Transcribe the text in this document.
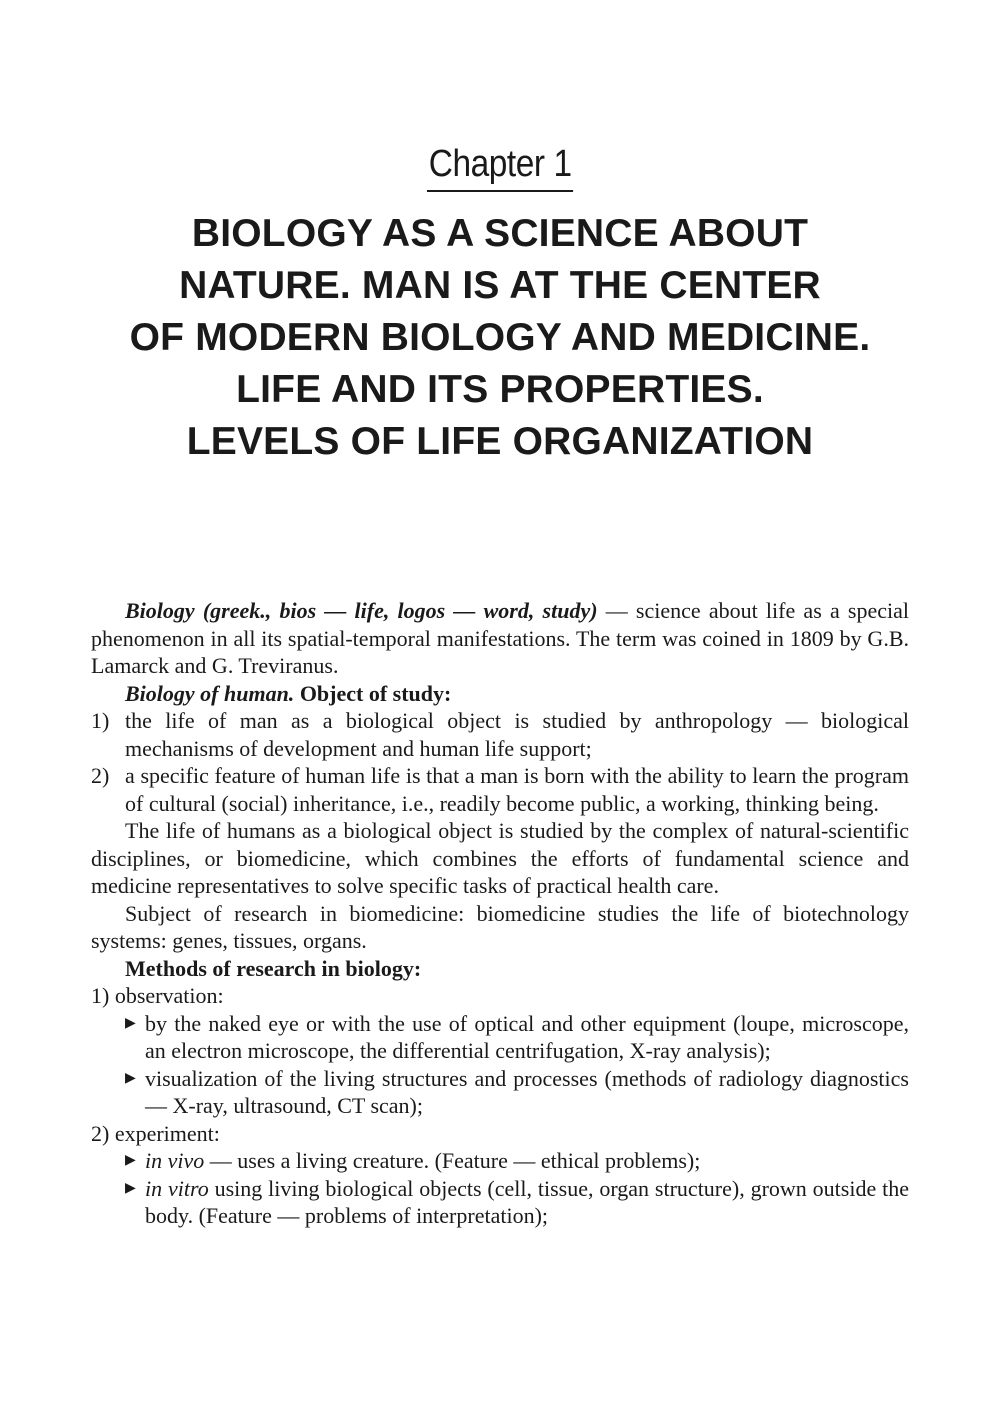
Chapter 1
BIOLOGY AS A SCIENCE ABOUT
NATURE. MAN IS AT THE CENTER
OF MODERN BIOLOGY AND MEDICINE.
LIFE AND ITS PROPERTIES.
LEVELS OF LIFE ORGANIZATION

Biology (greek., bios — life, logos — word, study) — science about life as a special phenomenon in all its spatial-temporal manifestations. The term was coined in 1809 by G.B. Lamarck and G. Treviranus.

Biology of human. Object of study:

1) the life of man as a biological object is studied by anthropology — biological mechanisms of development and human life support;
2) a specific feature of human life is that a man is born with the ability to learn the program of cultural (social) inheritance, i.e., readily become public, a working, thinking being.

The life of humans as a biological object is studied by the complex of natural-scientific disciplines, or biomedicine, which combines the efforts of fundamental science and medicine representatives to solve specific tasks of practical health care.

Subject of research in biomedicine: biomedicine studies the life of biotechnology systems: genes, tissues, organs.

Methods of research in biology:

1) observation:

▶ by the naked eye or with the use of optical and other equipment (loupe, microscope, an electron microscope, the differential centrifugation, X-ray analysis);
▶ visualization of the living structures and processes (methods of radiology diagnostics — X-ray, ultrasound, CT scan);

2) experiment:

▶ in vivo — uses a living creature. (Feature — ethical problems);
▶ in vitro using living biological objects (cell, tissue, organ structure), grown outside the body. (Feature — problems of interpretation);
